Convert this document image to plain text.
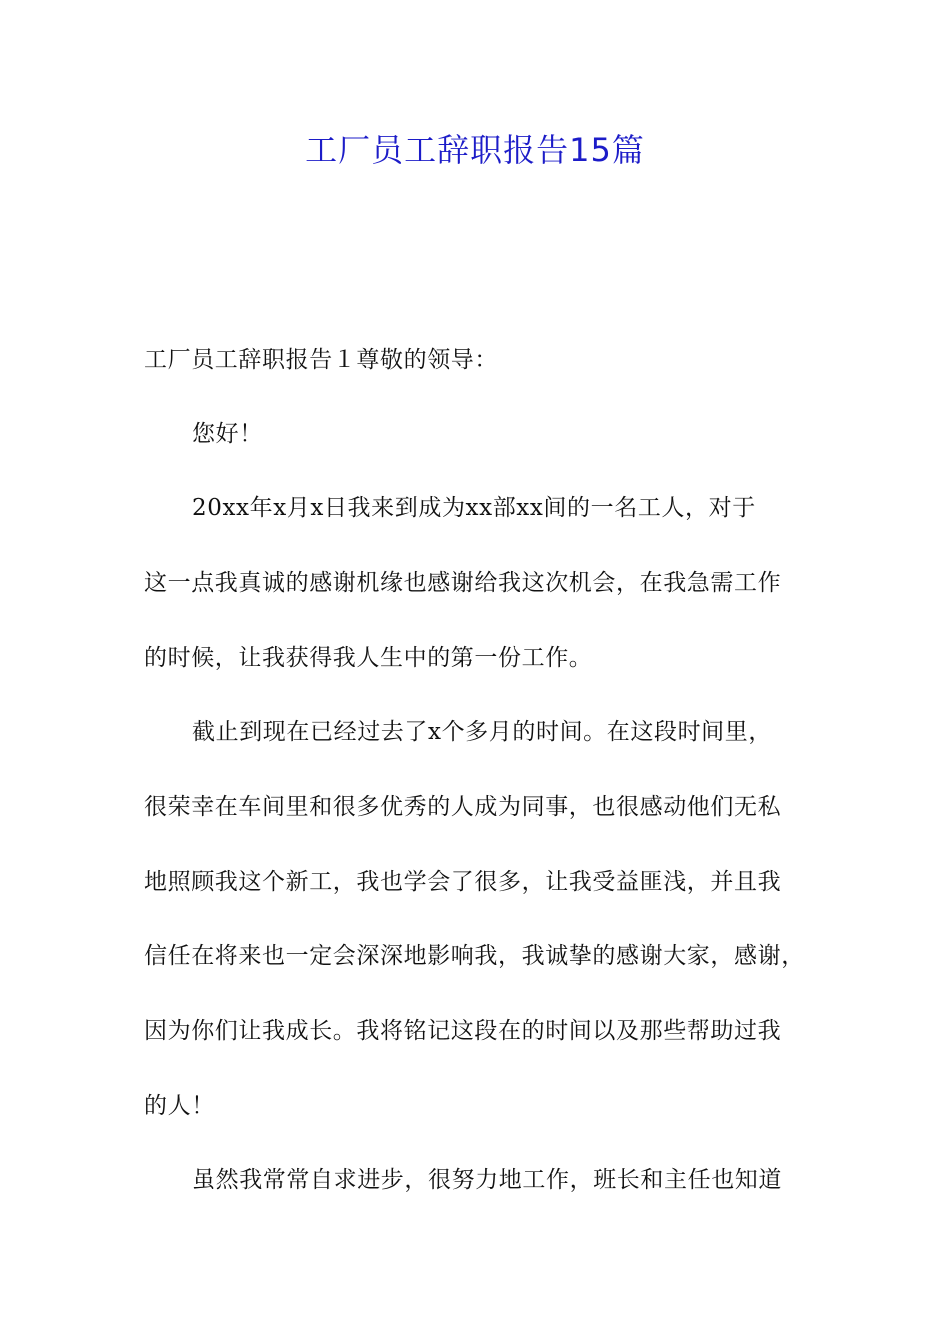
工厂员工辞职报告15篇

工厂员工辞职报告１尊敬的领导：

您好！

20xx年x月x日我来到成为xx部xx间的一名工人，对于

这一点我真诚的感谢机缘也感谢给我这次机会，在我急需工作

的时候，让我获得我人生中的第一份工作。

截止到现在已经过去了x个多月的时间。在这段时间里，

很荣幸在车间里和很多优秀的人成为同事，也很感动他们无私

地照顾我这个新工，我也学会了很多，让我受益匪浅，并且我

信任在将来也一定会深深地影响我，我诚挚的感谢大家，感谢，

因为你们让我成长。我将铭记这段在的时间以及那些帮助过我

的人！

虽然我常常自求进步，很努力地工作，班长和主任也知道
